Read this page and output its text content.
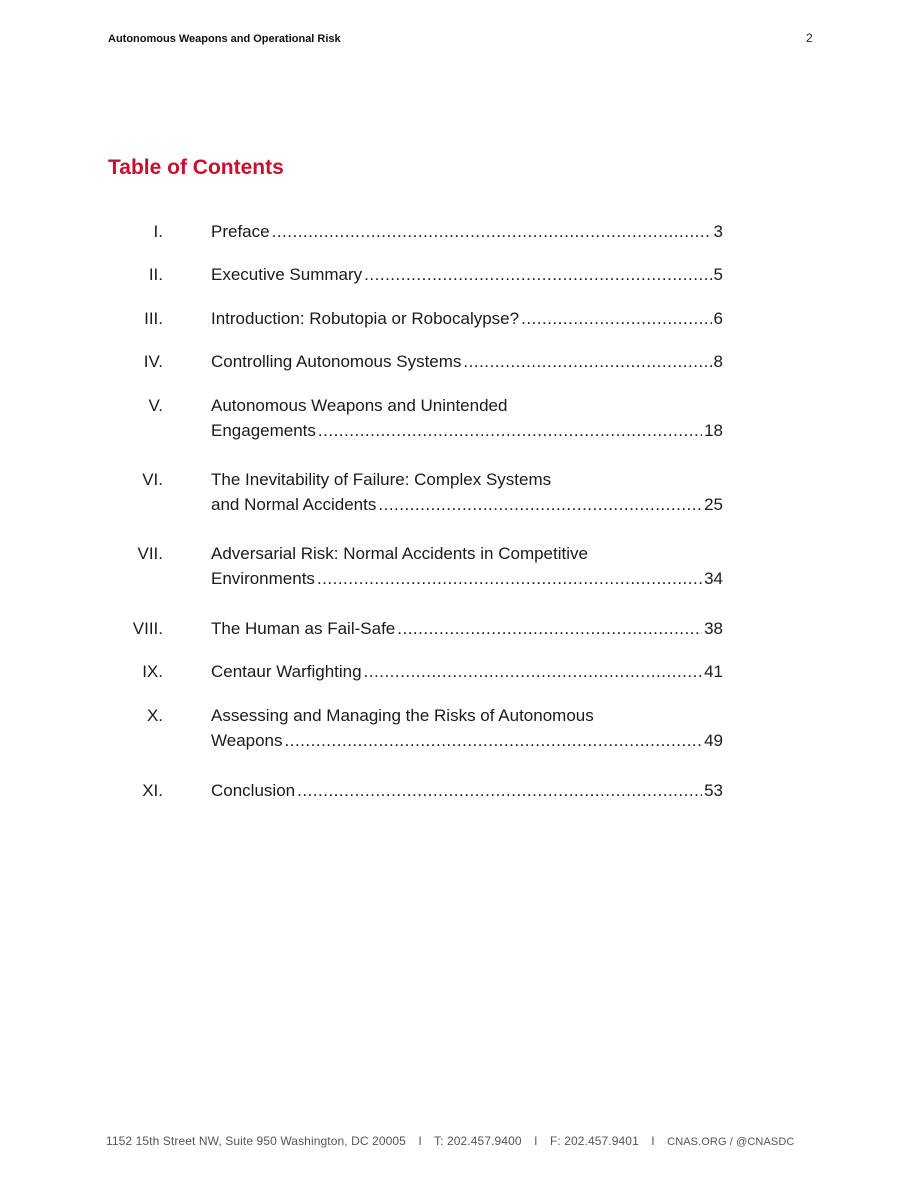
Autonomous Weapons and Operational Risk	2
Table of Contents
I.	Preface .....	3
II.	Executive Summary .....	5
III.	Introduction: Robutopia or Robocalypse? .....	6
IV.	Controlling Autonomous Systems .....	8
V.	Autonomous Weapons and Unintended
Engagements .....	18
VI.	The Inevitability of Failure: Complex Systems
and Normal Accidents .....	25
VII.	Adversarial Risk: Normal Accidents in Competitive
Environments .....	34
VIII.	The Human as Fail-Safe .....	38
IX.	Centaur Warfighting .....	41
X.	Assessing and Managing the Risks of Autonomous
Weapons .....	49
XI.	Conclusion .....	53
1152 15th Street NW, Suite 950 Washington, DC 20005 I T: 202.457.9400 I F: 202.457.9401 I CNAS.ORG / @CNASDC
